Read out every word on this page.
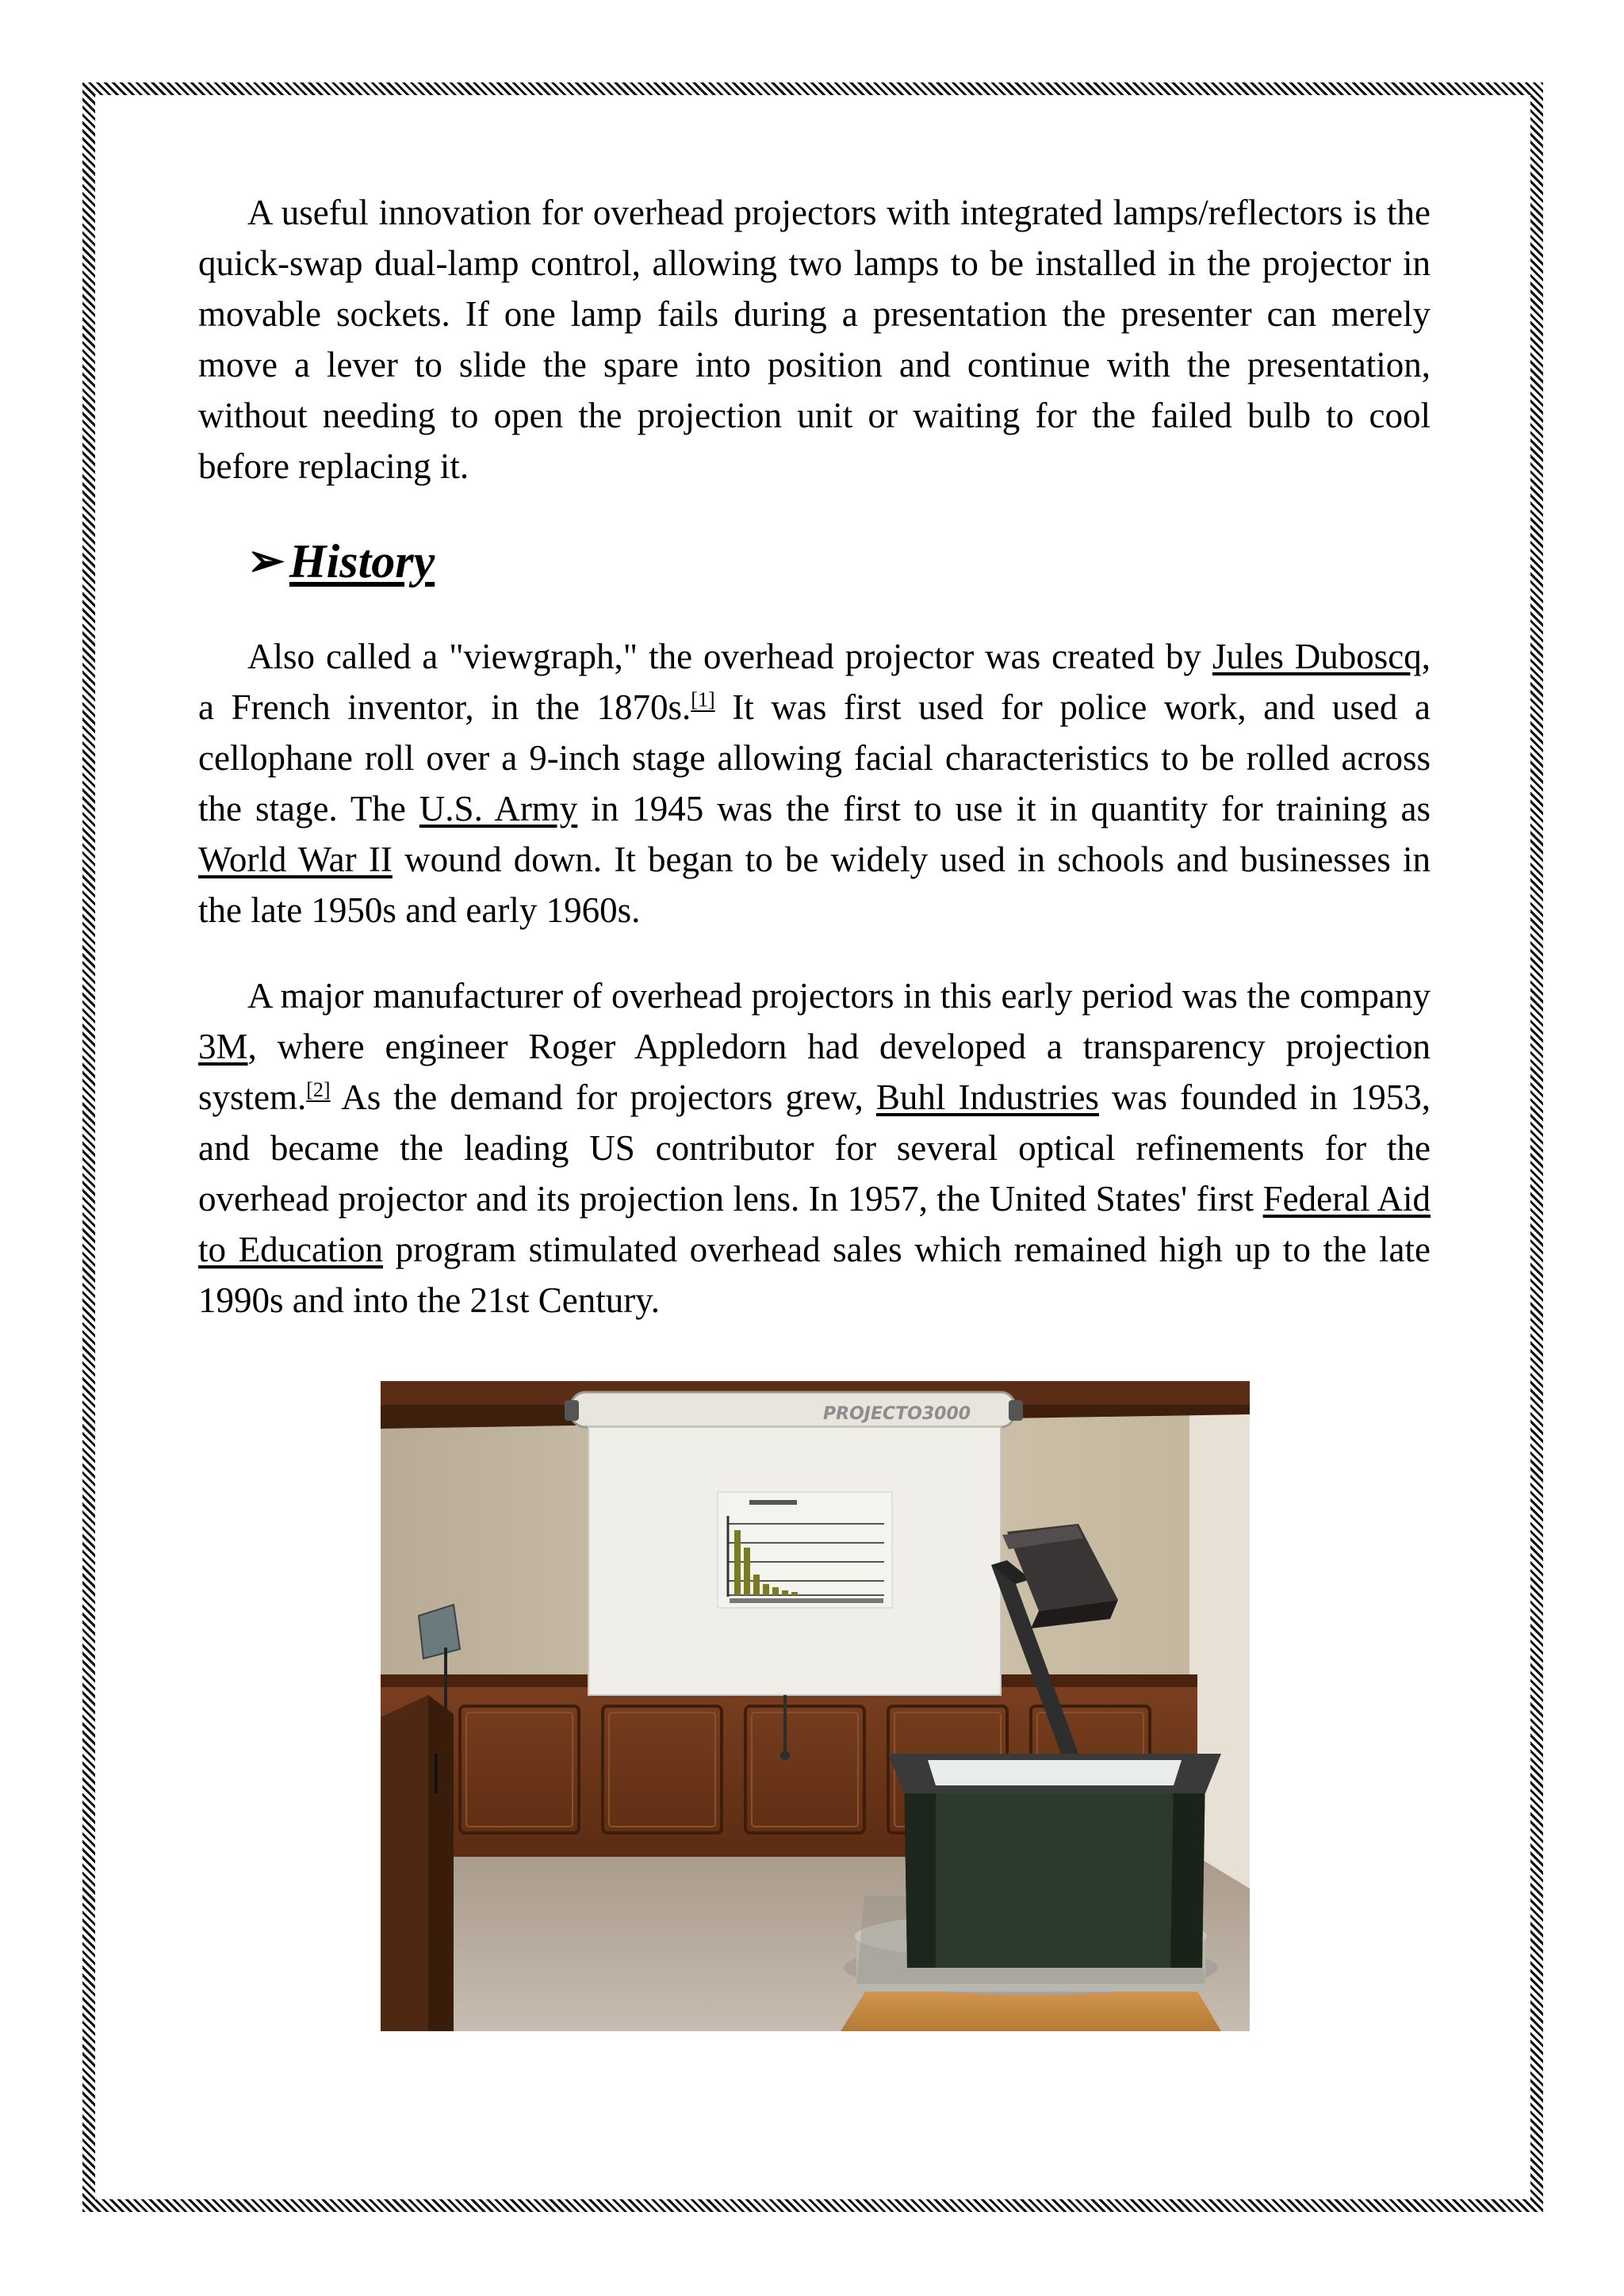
A useful innovation for overhead projectors with integrated lamps/reflectors is the quick-swap dual-lamp control, allowing two lamps to be installed in the projector in movable sockets. If one lamp fails during a presentation the presenter can merely move a lever to slide the spare into position and continue with the presentation, without needing to open the projection unit or waiting for the failed bulb to cool before replacing it.

➢ History

Also called a "viewgraph," the overhead projector was created by Jules Duboscq, a French inventor, in the 1870s.[1] It was first used for police work, and used a cellophane roll over a 9-inch stage allowing facial characteristics to be rolled across the stage. The U.S. Army in 1945 was the first to use it in quantity for training as World War II wound down. It began to be widely used in schools and businesses in the late 1950s and early 1960s.

A major manufacturer of overhead projectors in this early period was the company 3M, where engineer Roger Appledorn had developed a transparency projection system.[2] As the demand for projectors grew, Buhl Industries was founded in 1953, and became the leading US contributor for several optical refinements for the overhead projector and its projection lens. In 1957, the United States' first Federal Aid to Education program stimulated overhead sales which remained high up to the late 1990s and into the 21st Century.

PROJECTO3000
